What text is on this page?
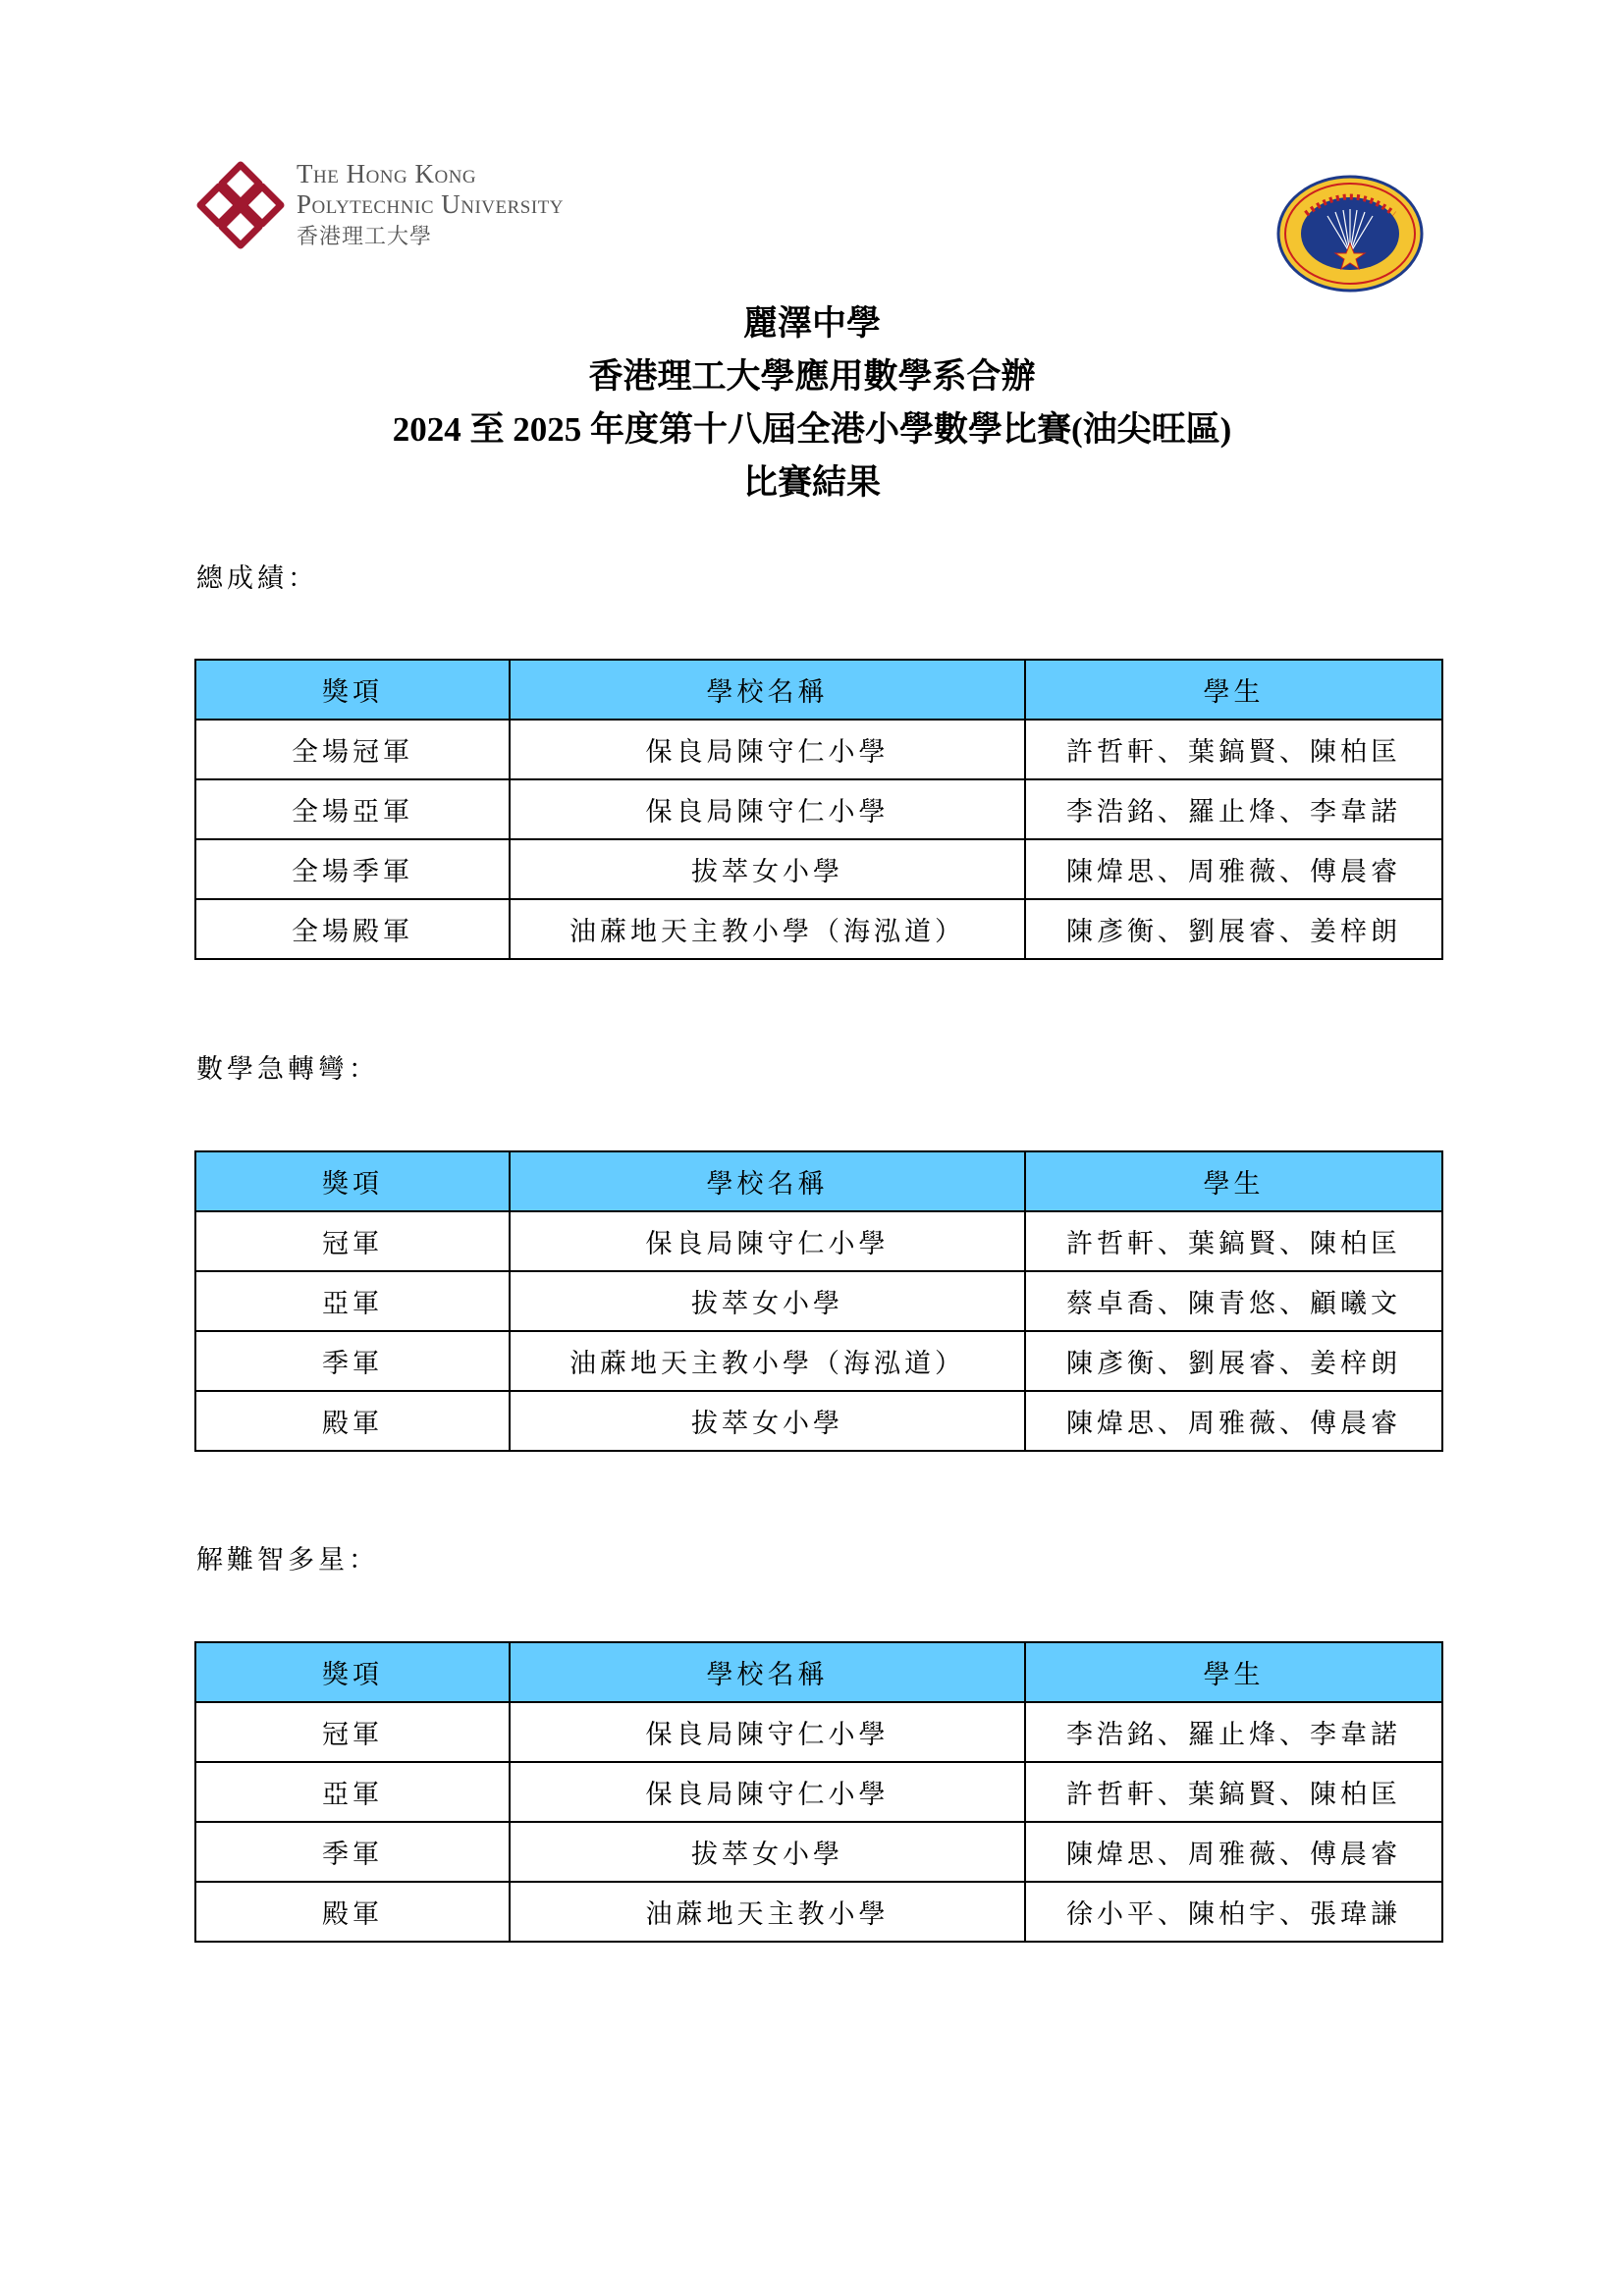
The Hong Kong
Polytechnic University
香港理工大學
麗澤中學
香港理工大學應用數學系合辦
2024 至 2025 年度第十八屆全港小學數學比賽(油尖旺區)
比賽結果
總成績：
獎項	學校名稱	學生
全場冠軍	保良局陳守仁小學	許哲軒、葉鎬賢、陳柏匡
全場亞軍	保良局陳守仁小學	李浩銘、羅止烽、李韋諾
全場季軍	拔萃女小學	陳煒思、周雅薇、傅晨睿
全場殿軍	油蔴地天主教小學（海泓道）	陳彥衡、劉展睿、姜梓朗
數學急轉彎：
獎項	學校名稱	學生
冠軍	保良局陳守仁小學	許哲軒、葉鎬賢、陳柏匡
亞軍	拔萃女小學	蔡卓喬、陳青悠、顧曦文
季軍	油蔴地天主教小學（海泓道）	陳彥衡、劉展睿、姜梓朗
殿軍	拔萃女小學	陳煒思、周雅薇、傅晨睿
解難智多星：
獎項	學校名稱	學生
冠軍	保良局陳守仁小學	李浩銘、羅止烽、李韋諾
亞軍	保良局陳守仁小學	許哲軒、葉鎬賢、陳柏匡
季軍	拔萃女小學	陳煒思、周雅薇、傅晨睿
殿軍	油蔴地天主教小學	徐小平、陳柏宇、張瑋謙
